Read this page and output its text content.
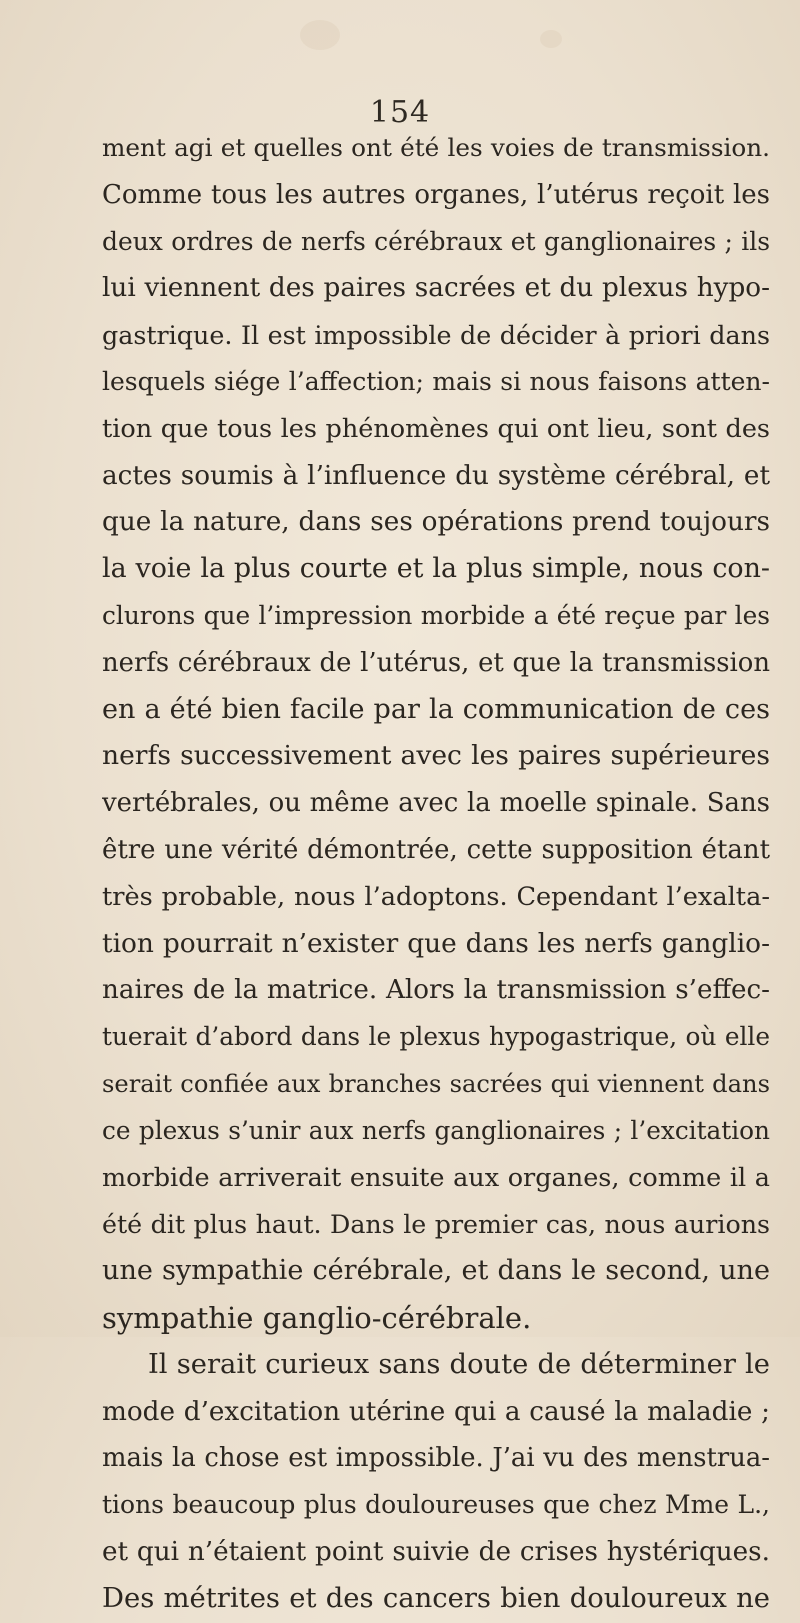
154
ment agi et quelles ont été les voies de transmission.
Comme tous les autres organes, l’utérus reçoit les
deux ordres de nerfs cérébraux et ganglionaires ; ils
lui viennent des paires sacrées et du plexus hypo-
gastrique. Il est impossible de décider à priori dans
lesquels siége l’affection; mais si nous faisons atten-
tion que tous les phénomènes qui ont lieu, sont des
actes soumis à l’influence du système cérébral, et
que la nature, dans ses opérations prend toujours
la voie la plus courte et la plus simple, nous con-
clurons que l’impression morbide a été reçue par les
nerfs cérébraux de l’utérus, et que la transmission
en a été bien facile par la communication de ces
nerfs successivement avec les paires supérieures
vertébrales, ou même avec la moelle spinale. Sans
être une vérité démontrée, cette supposition étant
très probable, nous l’adoptons. Cependant l’exalta-
tion pourrait n’exister que dans les nerfs ganglio-
naires de la matrice. Alors la transmission s’effec-
tuerait d’abord dans le plexus hypogastrique, où elle
serait confiée aux branches sacrées qui viennent dans
ce plexus s’unir aux nerfs ganglionaires ; l’excitation
morbide arriverait ensuite aux organes, comme il a
été dit plus haut. Dans le premier cas, nous aurions
une sympathie cérébrale, et dans le second, une
sympathie ganglio-cérébrale.
Il serait curieux sans doute de déterminer le
mode d’excitation utérine qui a causé la maladie ;
mais la chose est impossible. J’ai vu des menstrua-
tions beaucoup plus douloureuses que chez Mme L.,
et qui n’étaient point suivie de crises hystériques.
Des métrites et des cancers bien douloureux ne
